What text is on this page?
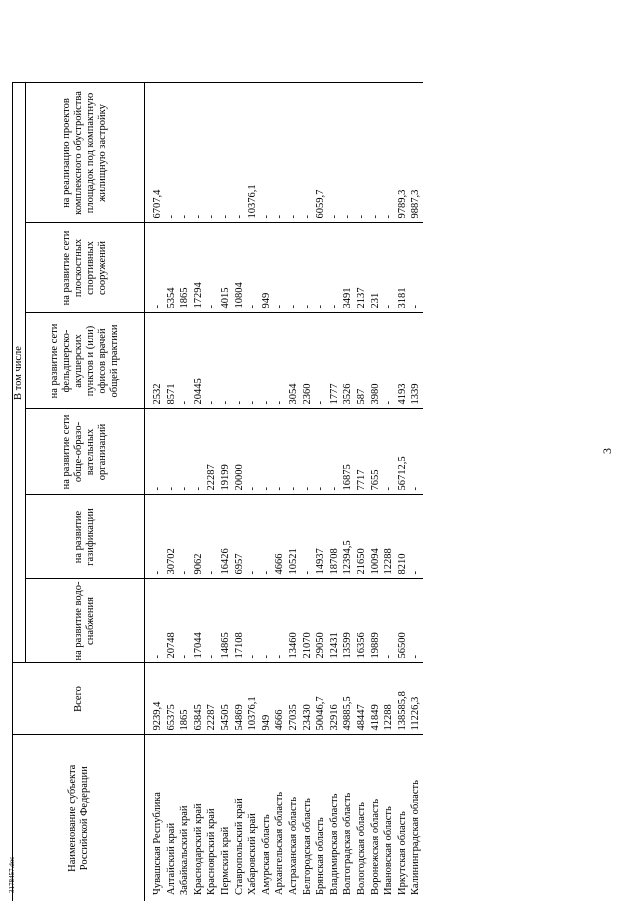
3178457.doc
3
Наименование субъекта Российской Федерации	Всего	В том числе					
		на развитие водо-снабжения	на развитие газификации	на развитие сети обще-образо-вательных организаций	на развитие сети фельдшерско-акушерских пунктов и (или) офисов врачей общей практики	на развитие сети плоскостных спортивных сооружений	на реализацию проектов комплексного обустройства площадок под компактную жилищную застройку
Чувашская Республика	9239,4	-	-	-	2532	-	6707,4
Алтайский край	65375	20748	30702	-	8571	5354	-
Забайкальский край	1865	-	-	-	-	1865	-
Краснодарский край	63845	17044	9062	-	20445	17294	-
Красноярский край	22287	-	-	22287	-	-	-
Пермский край	54505	14865	16426	19199	-	4015	-
Ставропольский край	54869	17108	6957	20000	-	10804	-
Хабаровский край	10376,1	-	-	-	-	-	10376,1
Амурская область	949	-	-	-	-	949	-
Архангельская область	4666	-	4666	-	-	-	-
Астраханская область	27035	13460	10521	-	3054	-	-
Белгородская область	23430	21070	-	-	2360	-	-
Брянская область	50046,7	29050	14937	-	-	-	6059,7
Владимирская область	32916	12431	18708	-	1777	-	-
Волгоградская область	49885,5	13599	12394,5	16875	3526	3491	-
Вологодская область	48447	16356	21650	7717	587	2137	-
Воронежская область	41849	19889	10094	7655	3980	231	-
Ивановская область	12288	-	12288	-	-	-	-
Иркутская область	138585,8	56500	8210	56712,5	4193	3181	9789,3
Калининградская область	11226,3	-	-	-	1339	-	9887,3
